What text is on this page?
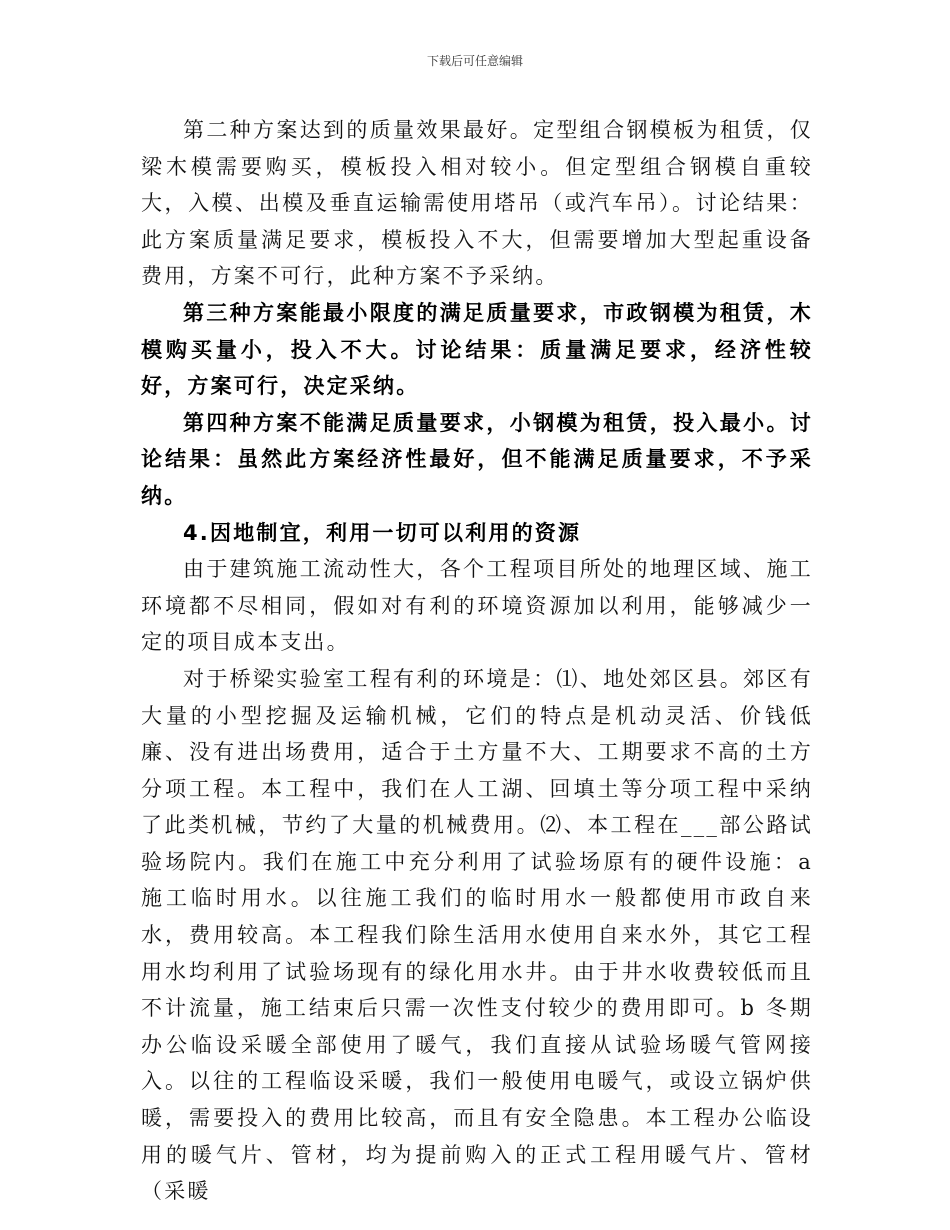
下载后可任意编辑

第二种方案达到的质量效果最好。定型组合钢模板为租赁，仅梁木模需要购买，模板投入相对较小。但定型组合钢模自重较大，入模、出模及垂直运输需使用塔吊（或汽车吊）。讨论结果：此方案质量满足要求，模板投入不大，但需要增加大型起重设备费用，方案不可行，此种方案不予采纳。

第三种方案能最小限度的满足质量要求，市政钢模为租赁，木模购买量小，投入不大。讨论结果：质量满足要求，经济性较好，方案可行，决定采纳。

第四种方案不能满足质量要求，小钢模为租赁，投入最小。讨论结果：虽然此方案经济性最好，但不能满足质量要求，不予采纳。

4.因地制宜，利用一切可以利用的资源

由于建筑施工流动性大，各个工程项目所处的地理区域、施工环境都不尽相同，假如对有利的环境资源加以利用，能够减少一定的项目成本支出。

对于桥梁实验室工程有利的环境是：⑴、地处郊区县。郊区有大量的小型挖掘及运输机械，它们的特点是机动灵活、价钱低廉、没有进出场费用，适合于土方量不大、工期要求不高的土方分项工程。本工程中，我们在人工湖、回填土等分项工程中采纳了此类机械，节约了大量的机械费用。⑵、本工程在___部公路试验场院内。我们在施工中充分利用了试验场原有的硬件设施：a 施工临时用水。以往施工我们的临时用水一般都使用市政自来水，费用较高。本工程我们除生活用水使用自来水外，其它工程用水均利用了试验场现有的绿化用水井。由于井水收费较低而且不计流量，施工结束后只需一次性支付较少的费用即可。b 冬期办公临设采暖全部使用了暖气，我们直接从试验场暖气管网接入。以往的工程临设采暖，我们一般使用电暖气，或设立锅炉供暖，需要投入的费用比较高，而且有安全隐患。本工程办公临设用的暖气片、管材，均为提前购入的正式工程用暖气片、管材（采暖
